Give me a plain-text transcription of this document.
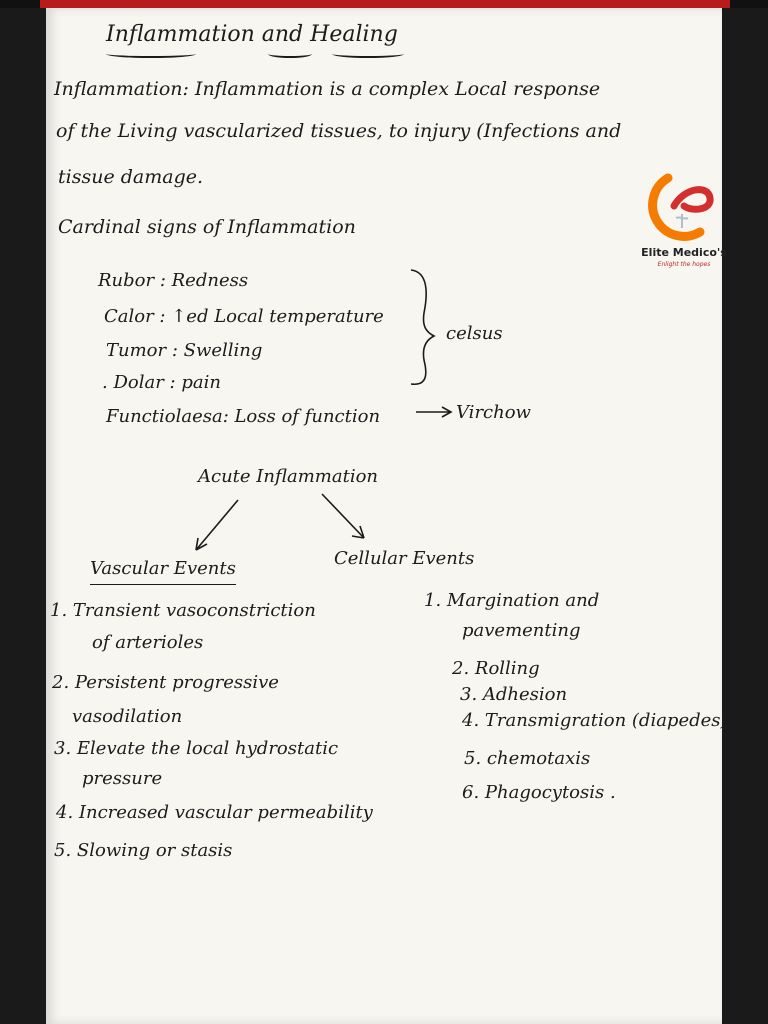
Inflammation and Healing
Inflammation: Inflammation is a complex Local response
of the Living vascularized tissues, to injury (Infections and
tissue damage.
Cardinal signs of Inflammation
Rubor : Redness
Calor : ↑ed Local temperature
Tumor : Swelling
. Dolar : pain
Functiolaesa: Loss of function
celsus
Virchow
Acute Inflammation
Vascular Events
1. Transient vasoconstriction
of arterioles
2. Persistent progressive
vasodilation
3. Elevate the local hydrostatic
pressure
4. Increased vascular permeability
5. Slowing or stasis
Cellular Events
1. Margination and
pavementing
2. Rolling
3. Adhesion
4. Transmigration (diapedes)
5. chemotaxis
6. Phagocytosis .
Elite Medico's
Enlight the hopes
